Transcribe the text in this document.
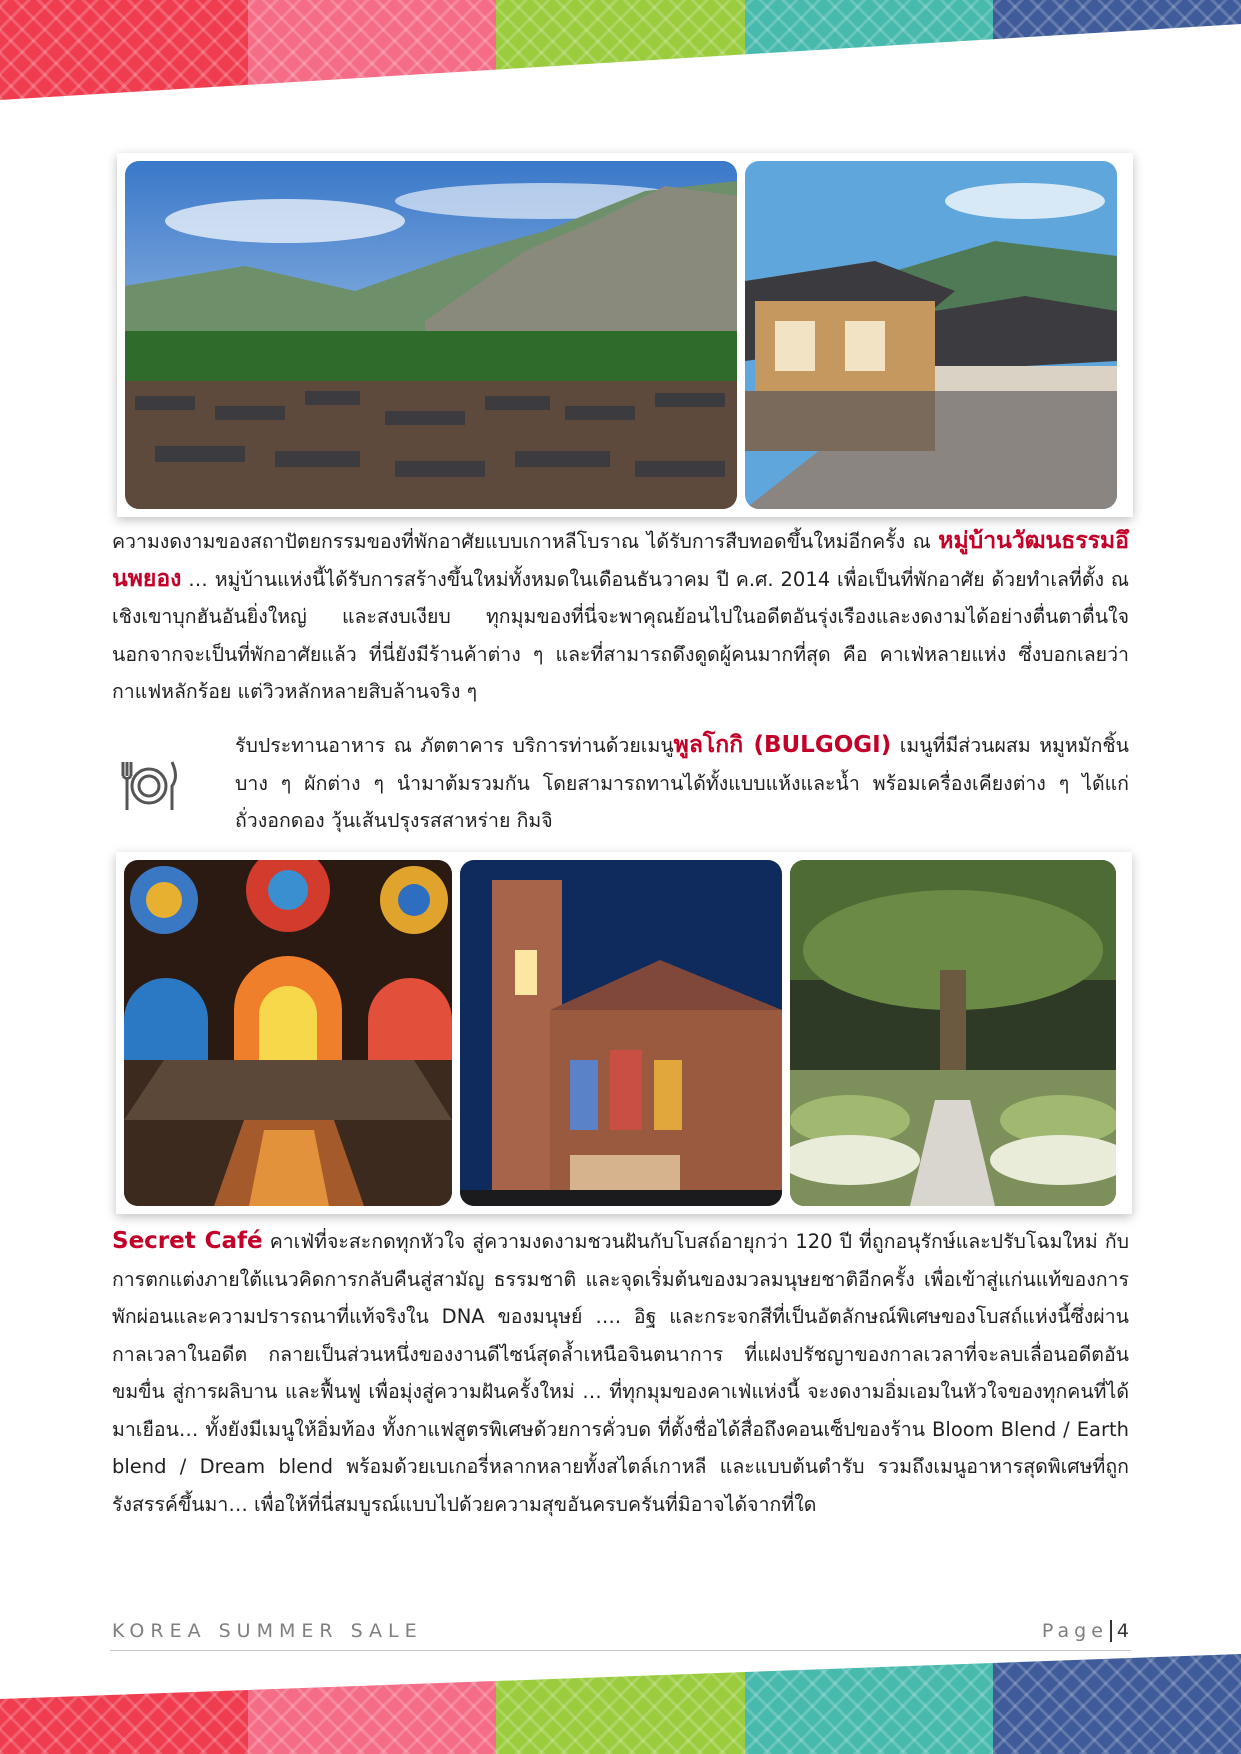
ความงดงามของสถาปัตยกรรมของที่พักอาศัยแบบเกาหลีโบราณ ได้รับการสืบทอดขึ้นใหม่อีกครั้ง ณ หมู่บ้านวัฒนธรรมอึนพยอง … หมู่บ้านแห่งนี้ได้รับการสร้างขึ้นใหม่ทั้งหมดในเดือนธันวาคม ปี ค.ศ. 2014 เพื่อเป็นที่พักอาศัย ด้วยทำเลที่ตั้ง ณ เชิงเขาบุกฮันอันยิ่งใหญ่ และสงบเงียบ ทุกมุมของที่นี่จะพาคุณย้อนไปในอดีตอันรุ่งเรืองและงดงามได้อย่างตื่นตาตื่นใจ นอกจากจะเป็นที่พักอาศัยแล้ว ที่นี่ยังมีร้านค้าต่าง ๆ และที่สามารถดึงดูดผู้คนมากที่สุด คือ คาเฟ่หลายแห่ง ซึ่งบอกเลยว่ากาแฟหลักร้อย แต่วิวหลักหลายสิบล้านจริง ๆ
รับประทานอาหาร ณ ภัตตาคาร บริการท่านด้วยเมนูพูลโกกิ (BULGOGI) เมนูที่มีส่วนผสม หมูหมักชิ้นบาง ๆ ผักต่าง ๆ นำมาต้มรวมกัน โดยสามารถทานได้ทั้งแบบแห้งและน้ำ พร้อมเครื่องเคียงต่าง ๆ ได้แก่ ถั่วงอกดอง วุ้นเส้นปรุงรสสาหร่าย กิมจิ
Secret Café คาเฟ่ที่จะสะกดทุกหัวใจ สู่ความงดงามชวนฝันกับโบสถ์อายุกว่า 120 ปี ที่ถูกอนุรักษ์และปรับโฉมใหม่ กับการตกแต่งภายใต้แนวคิดการกลับคืนสู่สามัญ ธรรมชาติ และจุดเริ่มต้นของมวลมนุษยชาติอีกครั้ง เพื่อเข้าสู่แก่นแท้ของการพักผ่อนและความปรารถนาที่แท้จริงใน DNA ของมนุษย์ …. อิฐ และกระจกสีที่เป็นอัตลักษณ์พิเศษของโบสถ์แห่งนี้ซึ่งผ่านกาลเวลาในอดีต กลายเป็นส่วนหนึ่งของงานดีไซน์สุดล้ำเหนือจินตนาการ ที่แฝงปรัชญาของกาลเวลาที่จะลบเลื่อนอดีตอันขมขื่น สู่การผลิบาน และฟื้นฟู เพื่อมุ่งสู่ความฝันครั้งใหม่ … ที่ทุกมุมของคาเฟ่แห่งนี้ จะงดงามอิ่มเอมในหัวใจของทุกคนที่ได้มาเยือน… ทั้งยังมีเมนูให้อิ่มท้อง ทั้งกาแฟสูตรพิเศษด้วยการคั่วบด ที่ตั้งชื่อได้สื่อถึงคอนเซ็ปของร้าน Bloom Blend / Earth blend / Dream blend พร้อมด้วยเบเกอรี่หลากหลายทั้งสไตล์เกาหลี และแบบต้นตำรับ รวมถึงเมนูอาหารสุดพิเศษที่ถูกรังสรรค์ขึ้นมา… เพื่อให้ที่นี่สมบูรณ์แบบไปด้วยความสุขอันครบครันที่มิอาจได้จากที่ใด
KOREA SUMMER SALE	Page 4
